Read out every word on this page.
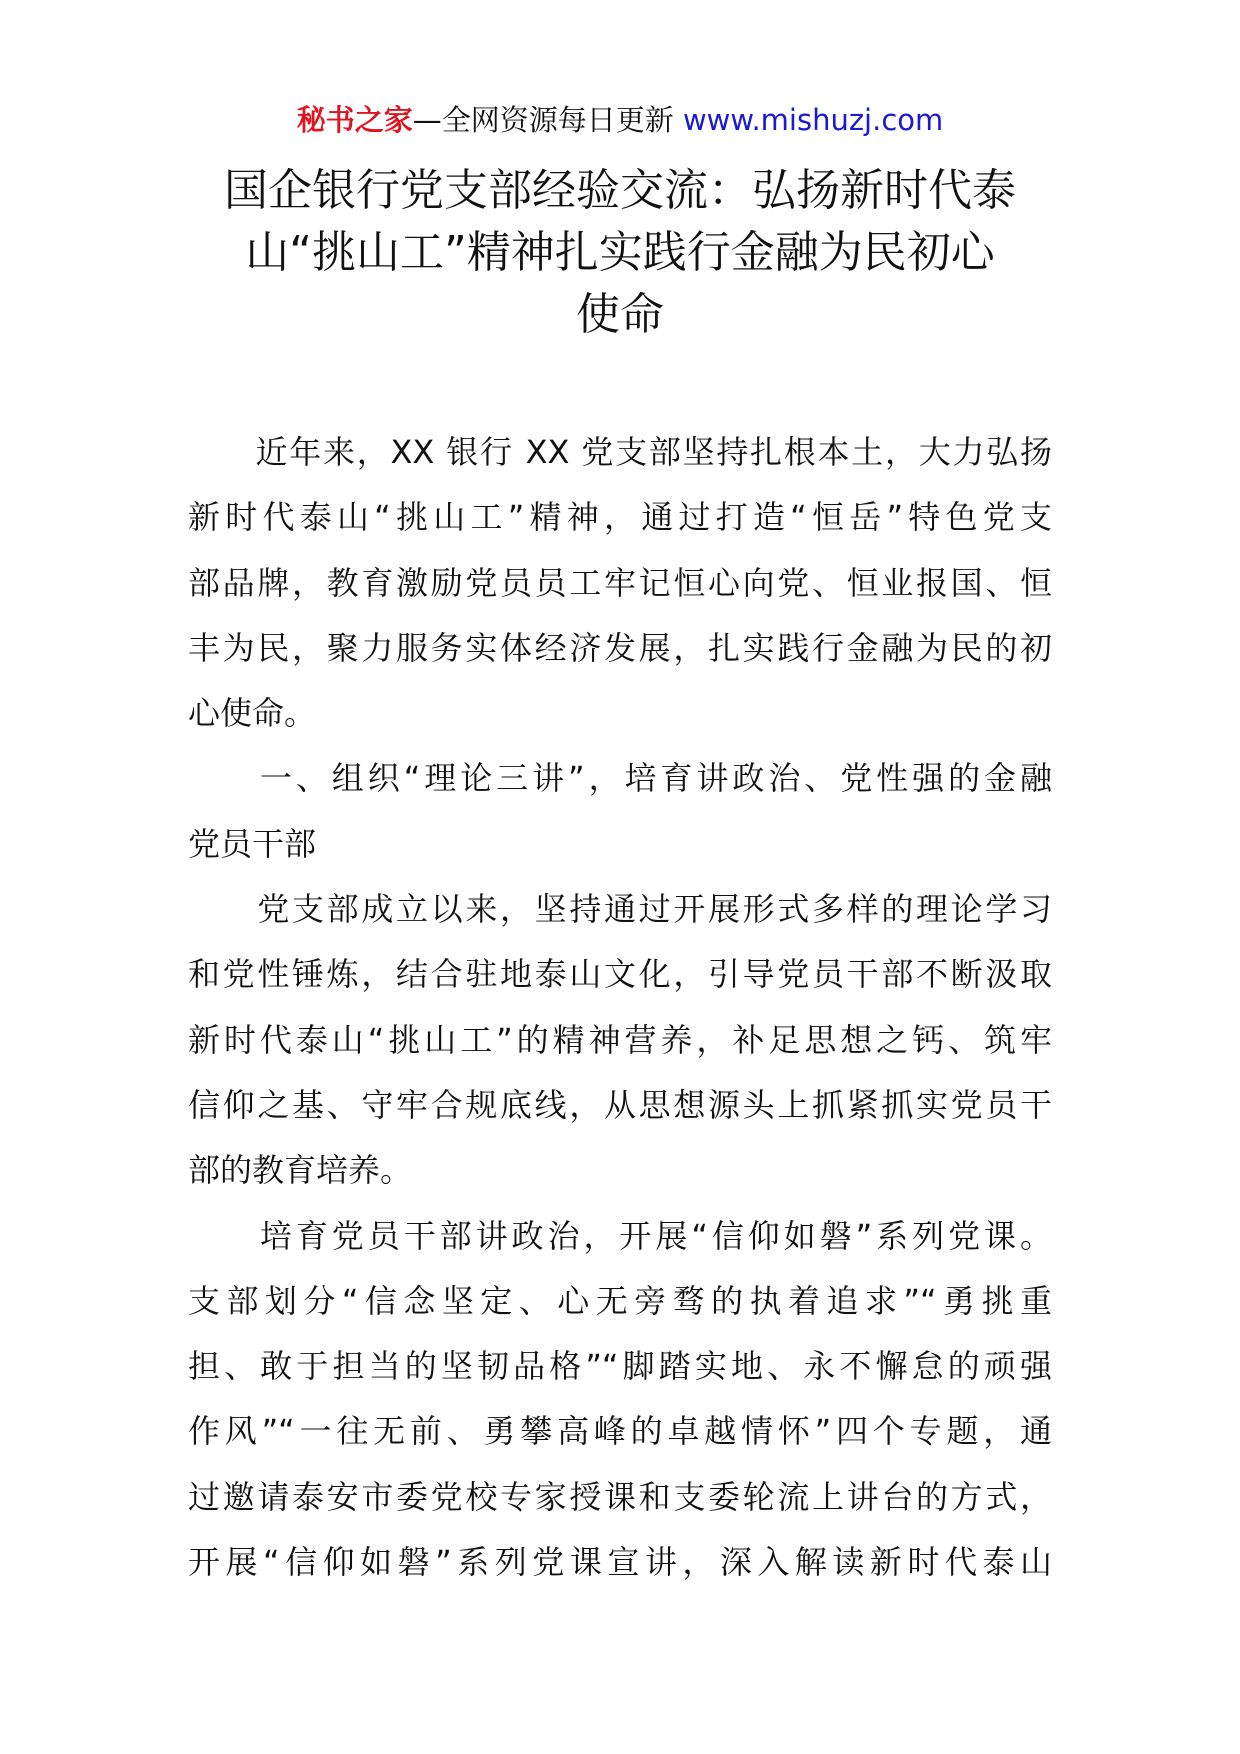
秘书之家—全网资源每日更新 www.mishuzj.com
国企银行党支部经验交流：弘扬新时代泰
山“挑山工”精神扎实践行金融为民初心
使命

　　近年来，XX 银行 XX 党支部坚持扎根本土，大力弘扬
新时代泰山“挑山工”精神，通过打造“恒岳”特色党支
部品牌，教育激励党员员工牢记恒心向党、恒业报国、恒
丰为民，聚力服务实体经济发展，扎实践行金融为民的初
心使命。

　　一、组织“理论三讲”，培育讲政治、党性强的金融
党员干部

　　党支部成立以来，坚持通过开展形式多样的理论学习
和党性锤炼，结合驻地泰山文化，引导党员干部不断汲取
新时代泰山“挑山工”的精神营养，补足思想之钙、筑牢
信仰之基、守牢合规底线，从思想源头上抓紧抓实党员干
部的教育培养。

　　培育党员干部讲政治，开展“信仰如磐”系列党课。
支部划分“信念坚定、心无旁骛的执着追求”“勇挑重
担、敢于担当的坚韧品格”“脚踏实地、永不懈怠的顽强
作风”“一往无前、勇攀高峰的卓越情怀”四个专题，通
过邀请泰安市委党校专家授课和支委轮流上讲台的方式，
开展“信仰如磐”系列党课宣讲，深入解读新时代泰山
